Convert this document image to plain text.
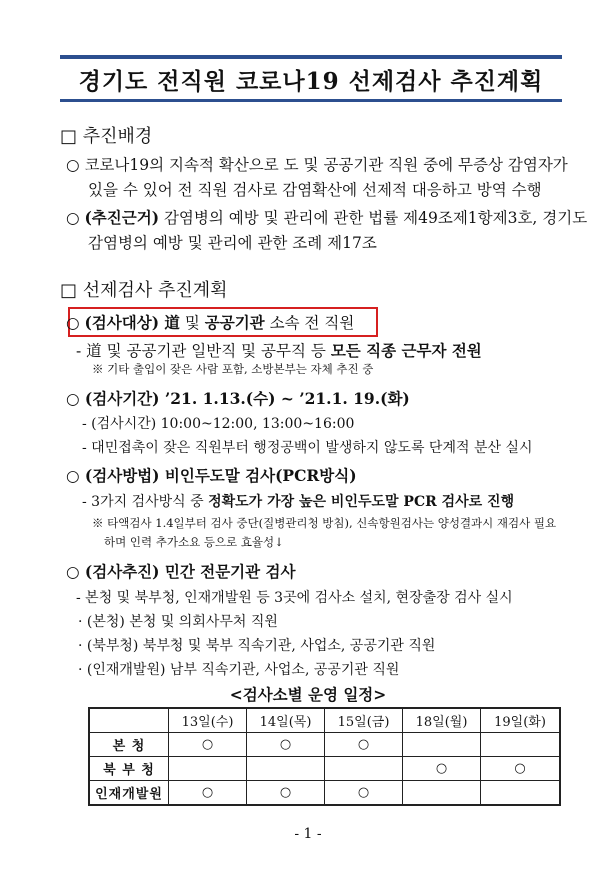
경기도 전직원 코로나19 선제검사 추진계획
□ 추진배경
○ 코로나19의 지속적 확산으로 도 및 공공기관 직원 중에 무증상 감염자가
있을 수 있어 전 직원 검사로 감염확산에 선제적 대응하고 방역 수행
○ (추진근거) 감염병의 예방 및 관리에 관한 법률 제49조제1항제3호, 경기도
감염병의 예방 및 관리에 관한 조례 제17조
□ 선제검사 추진계획
○ (검사대상) 道 및 공공기관 소속 전 직원
- 道 및 공공기관 일반직 및 공무직 등 모든 직종 근무자 전원
※ 기타 출입이 잦은 사람 포함, 소방본부는 자체 추진 중
○ (검사기간) ’21. 1.13.(수) ~ ’21.1. 19.(화)
- (검사시간) 10:00~12:00, 13:00~16:00
- 대민접촉이 잦은 직원부터 행정공백이 발생하지 않도록 단계적 분산 실시
○ (검사방법) 비인두도말 검사(PCR방식)
- 3가지 검사방식 중 정확도가 가장 높은 비인두도말 PCR 검사로 진행
※ 타액검사 1.4일부터 검사 중단(질병관리청 방침), 신속항원검사는 양성결과시 재검사 필요
하며 인력 추가소요 등으로 효율성↓
○ (검사추진) 민간 전문기관 검사
- 본청 및 북부청, 인재개발원 등 3곳에 검사소 설치, 현장출장 검사 실시
· (본청) 본청 및 의회사무처 직원
· (북부청) 북부청 및 북부 직속기관, 사업소, 공공기관 직원
· (인재개발원) 남부 직속기관, 사업소, 공공기관 직원
<검사소별 운영 일정>
	13일(수)	14일(목)	15일(금)	18일(월)	19일(화)
본 청	○	○	○		
북 부 청				○	○
인재개발원	○	○	○		
- 1 -
